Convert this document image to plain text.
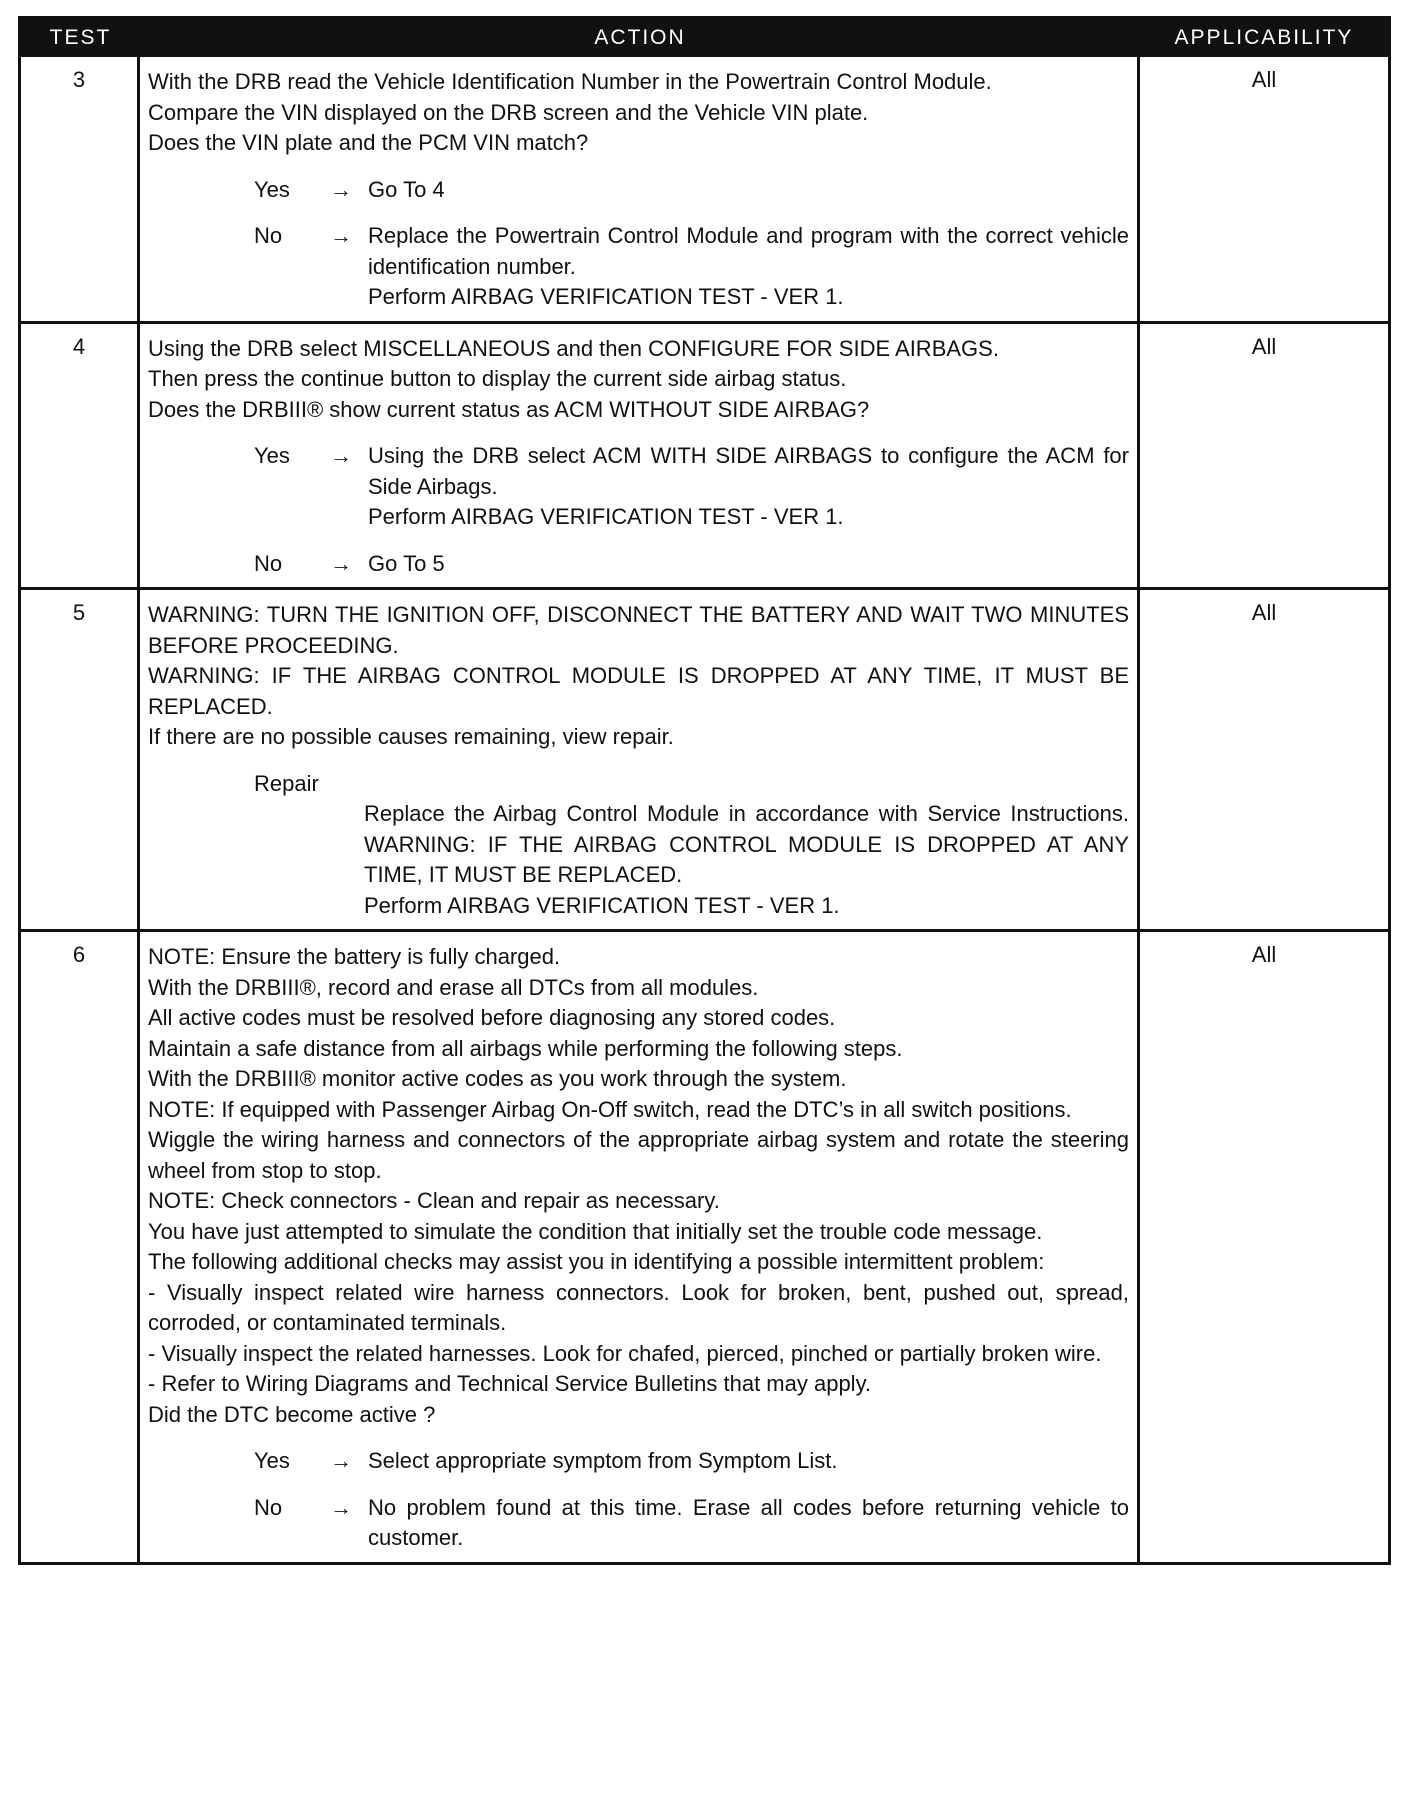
TEST	ACTION	APPLICABILITY
3	With the DRB read the Vehicle Identification Number in the Powertrain Control Module.
Compare the VIN displayed on the DRB screen and the Vehicle VIN plate.
Does the VIN plate and the PCM VIN match?
Yes	→ Go To 4
No	→ Replace the Powertrain Control Module and program with the correct vehicle identification number.
Perform AIRBAG VERIFICATION TEST - VER 1.
All
4	Using the DRB select MISCELLANEOUS and then CONFIGURE FOR SIDE AIRBAGS.
Then press the continue button to display the current side airbag status.
Does the DRBIII® show current status as ACM WITHOUT SIDE AIRBAG?
Yes	→ Using the DRB select ACM WITH SIDE AIRBAGS to configure the ACM for Side Airbags.
Perform AIRBAG VERIFICATION TEST - VER 1.
No	→ Go To 5
All
5	WARNING: TURN THE IGNITION OFF, DISCONNECT THE BATTERY AND WAIT TWO MINUTES BEFORE PROCEEDING.
WARNING: IF THE AIRBAG CONTROL MODULE IS DROPPED AT ANY TIME, IT MUST BE REPLACED.
If there are no possible causes remaining, view repair.
Repair
Replace the Airbag Control Module in accordance with Service Instructions. WARNING: IF THE AIRBAG CONTROL MODULE IS DROPPED AT ANY TIME, IT MUST BE REPLACED.
Perform AIRBAG VERIFICATION TEST - VER 1.
All
6	NOTE: Ensure the battery is fully charged.
With the DRBIII®, record and erase all DTCs from all modules.
All active codes must be resolved before diagnosing any stored codes.
Maintain a safe distance from all airbags while performing the following steps.
With the DRBIII® monitor active codes as you work through the system.
NOTE: If equipped with Passenger Airbag On-Off switch, read the DTC’s in all switch positions.
Wiggle the wiring harness and connectors of the appropriate airbag system and rotate the steering wheel from stop to stop.
NOTE: Check connectors - Clean and repair as necessary.
You have just attempted to simulate the condition that initially set the trouble code message.
The following additional checks may assist you in identifying a possible intermittent problem:
- Visually inspect related wire harness connectors. Look for broken, bent, pushed out, spread, corroded, or contaminated terminals.
- Visually inspect the related harnesses. Look for chafed, pierced, pinched or partially broken wire.
- Refer to Wiring Diagrams and Technical Service Bulletins that may apply.
Did the DTC become active ?
Yes	→ Select appropriate symptom from Symptom List.
No	→ No problem found at this time. Erase all codes before returning vehicle to customer.
All
